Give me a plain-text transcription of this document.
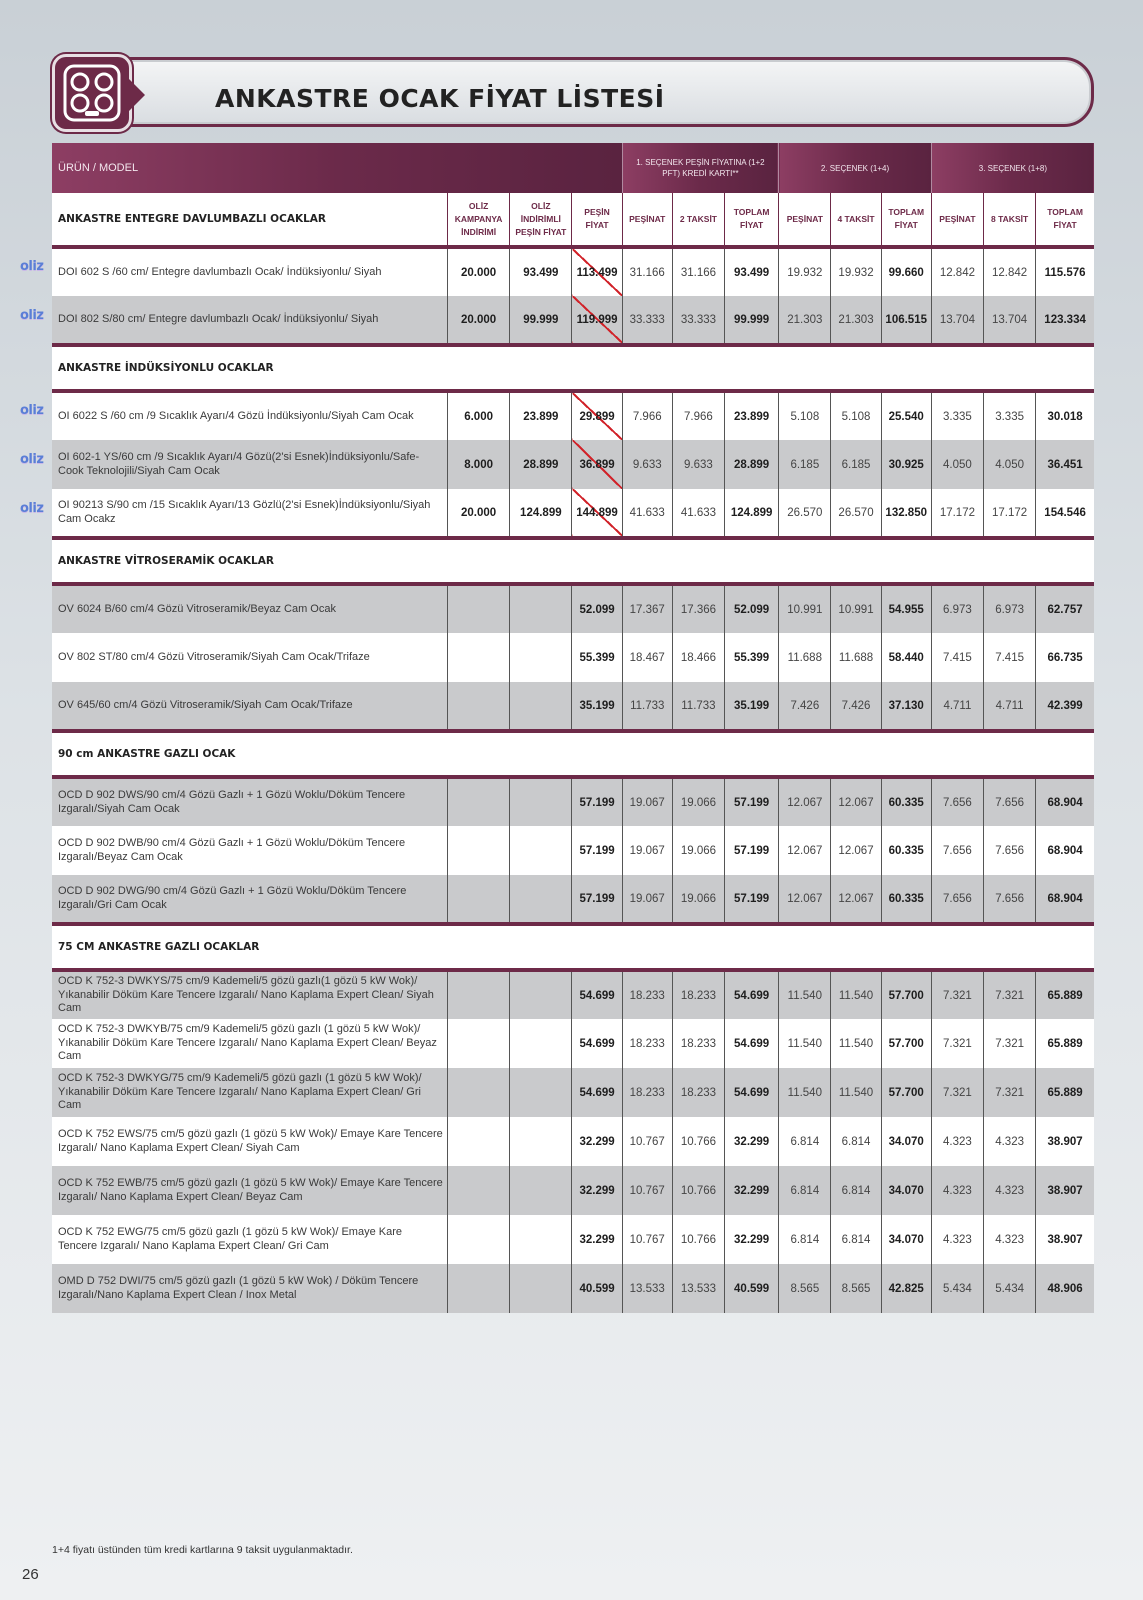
ANKASTRE OCAK FİYAT LİSTESİ
ÜRÜN / MODEL				1. SEÇENEK PEŞİN FİYATINA (1+2 PFT) KREDİ KARTI**			2. SEÇENEK (1+4)			3. SEÇENEK (1+8)		
ANKASTRE ENTEGRE DAVLUMBAZLI OCAKLAR	OLİZ KAMPANYA İNDİRİMİ	OLİZ İNDİRİMLİ PEŞİN FİYAT	PEŞİN FİYAT	PEŞİNAT	2 TAKSİT	TOPLAM FİYAT	PEŞİNAT	4 TAKSİT	TOPLAM FİYAT	PEŞİNAT	8 TAKSİT	TOPLAM FİYAT
DOI 602 S /60 cm/ Entegre davlumbazlı Ocak/ İndüksiyonlu/ Siyah	20.000	93.499	113.499	31.166	31.166	93.499	19.932	19.932	99.660	12.842	12.842	115.576
DOI 802 S/80 cm/ Entegre davlumbazlı Ocak/ İndüksiyonlu/ Siyah	20.000	99.999	119.999	33.333	33.333	99.999	21.303	21.303	106.515	13.704	13.704	123.334
ANKASTRE İNDÜKSİYONLU OCAKLAR												
OI 6022 S /60 cm /9 Sıcaklık Ayarı/4 Gözü İndüksiyonlu/Siyah Cam Ocak	6.000	23.899	29.899	7.966	7.966	23.899	5.108	5.108	25.540	3.335	3.335	30.018
OI 602-1 YS/60 cm /9 Sıcaklık Ayarı/4 Gözü(2'si Esnek)İndüksiyonlu/Safe-Cook Teknolojili/Siyah Cam Ocak	8.000	28.899	36.899	9.633	9.633	28.899	6.185	6.185	30.925	4.050	4.050	36.451
OI 90213 S/90 cm /15 Sıcaklık Ayarı/13 Gözlü(2'si Esnek)İndüksiyonlu/Siyah Cam Ocakz	20.000	124.899	144.899	41.633	41.633	124.899	26.570	26.570	132.850	17.172	17.172	154.546
ANKASTRE VİTROSERAMİK OCAKLAR												
OV 6024 B/60 cm/4 Gözü Vitroseramik/Beyaz Cam Ocak			52.099	17.367	17.366	52.099	10.991	10.991	54.955	6.973	6.973	62.757
OV 802 ST/80 cm/4 Gözü Vitroseramik/Siyah Cam Ocak/Trifaze			55.399	18.467	18.466	55.399	11.688	11.688	58.440	7.415	7.415	66.735
OV 645/60 cm/4 Gözü Vitroseramik/Siyah Cam Ocak/Trifaze			35.199	11.733	11.733	35.199	7.426	7.426	37.130	4.711	4.711	42.399
90 cm ANKASTRE GAZLI OCAK												
OCD D 902 DWS/90 cm/4 Gözü Gazlı + 1 Gözü Woklu/Döküm Tencere Izgaralı/Siyah Cam Ocak			57.199	19.067	19.066	57.199	12.067	12.067	60.335	7.656	7.656	68.904
OCD D 902 DWB/90 cm/4 Gözü Gazlı + 1 Gözü Woklu/Döküm Tencere Izgaralı/Beyaz Cam Ocak			57.199	19.067	19.066	57.199	12.067	12.067	60.335	7.656	7.656	68.904
OCD D 902 DWG/90 cm/4 Gözü Gazlı + 1 Gözü Woklu/Döküm Tencere Izgaralı/Gri Cam Ocak			57.199	19.067	19.066	57.199	12.067	12.067	60.335	7.656	7.656	68.904
75 CM ANKASTRE GAZLI OCAKLAR												
OCD K 752-3 DWKYS/75 cm/9 Kademeli/5 gözü gazlı(1 gözü 5 kW Wok)/ Yıkanabilir Döküm Kare Tencere Izgaralı/ Nano Kaplama Expert Clean/ Siyah Cam			54.699	18.233	18.233	54.699	11.540	11.540	57.700	7.321	7.321	65.889
OCD K 752-3 DWKYB/75 cm/9 Kademeli/5 gözü gazlı (1 gözü 5 kW Wok)/ Yıkanabilir Döküm Kare Tencere Izgaralı/ Nano Kaplama Expert Clean/ Beyaz Cam			54.699	18.233	18.233	54.699	11.540	11.540	57.700	7.321	7.321	65.889
OCD K 752-3 DWKYG/75 cm/9 Kademeli/5 gözü gazlı (1 gözü 5 kW Wok)/ Yıkanabilir Döküm Kare Tencere Izgaralı/ Nano Kaplama Expert Clean/ Gri Cam			54.699	18.233	18.233	54.699	11.540	11.540	57.700	7.321	7.321	65.889
OCD K 752 EWS/75 cm/5 gözü gazlı (1 gözü 5 kW Wok)/ Emaye Kare Tencere Izgaralı/ Nano Kaplama Expert Clean/ Siyah Cam			32.299	10.767	10.766	32.299	6.814	6.814	34.070	4.323	4.323	38.907
OCD K 752 EWB/75 cm/5 gözü gazlı (1 gözü 5 kW Wok)/ Emaye Kare Tencere Izgaralı/ Nano Kaplama Expert Clean/ Beyaz Cam			32.299	10.767	10.766	32.299	6.814	6.814	34.070	4.323	4.323	38.907
OCD K 752 EWG/75 cm/5 gözü gazlı (1 gözü 5 kW Wok)/ Emaye Kare Tencere Izgaralı/ Nano Kaplama Expert Clean/ Gri Cam			32.299	10.767	10.766	32.299	6.814	6.814	34.070	4.323	4.323	38.907
OMD D 752 DWI/75 cm/5 gözü gazlı (1 gözü 5 kW Wok) / Döküm Tencere Izgaralı/Nano Kaplama Expert Clean / Inox Metal			40.599	13.533	13.533	40.599	8.565	8.565	42.825	5.434	5.434	48.906
1+4 fiyatı üstünden tüm kredi kartlarına 9 taksit uygulanmaktadır.
26
oliz
oliz
oliz
oliz
oliz
